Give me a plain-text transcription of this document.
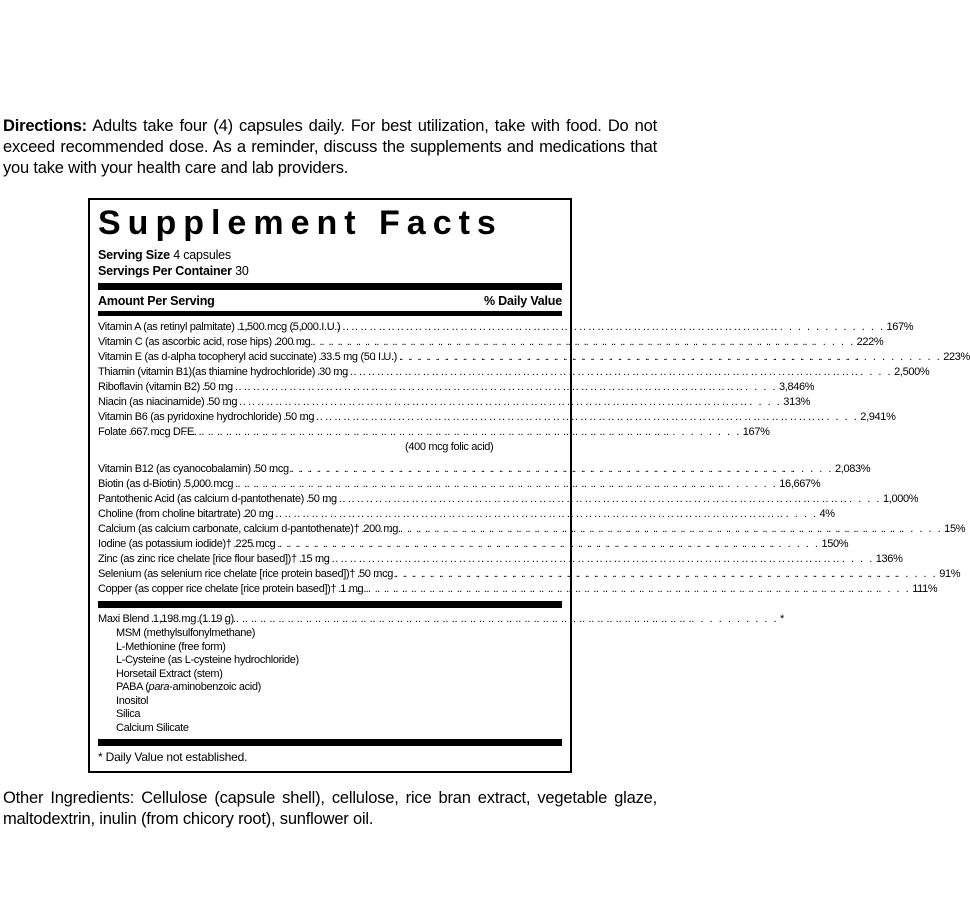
Directions: Adults take four (4) capsules daily. For best utilization, take with food. Do not exceed recommended dose. As a reminder, discuss the supplements and medications that you take with your health care and lab providers.

Supplement Facts
Serving Size 4 capsules
Servings Per Container 30
Amount Per Serving	% Daily Value
Vitamin A (as retinyl palmitate) . . . 1,500 mcg (5,000 I.U.) . . .	167%
Vitamin C (as ascorbic acid, rose hips) . . . 200 mg . . .	222%
Vitamin E (as d-alpha tocopheryl acid succinate) . . . 33.5 mg (50 I.U.) . . .	223%
Thiamin (vitamin B1)(as thiamine hydrochloride) . . . 30 mg . . .	2,500%
Riboflavin (vitamin B2) . . . 50 mg . . .	3,846%
Niacin (as niacinamide) . . . 50 mg . . .	313%
Vitamin B6 (as pyridoxine hydrochloride) . . . 50 mg . . .	2,941%
Folate . . . 667 mcg DFE. . . .	167%
(400 mcg folic acid)
Vitamin B12 (as cyanocobalamin) . . . 50 mcg . . .	2,083%
Biotin (as d-Biotin) . . . 5,000 mcg . . .	16,667%
Pantothenic Acid (as calcium d-pantothenate) . . . 50 mg . . .	1,000%
Choline (from choline bitartrate) . . . 20 mg . . .	4%
Calcium (as calcium carbonate, calcium d-pantothenate)† . . . 200 mg . . .	15%
Iodine (as potassium iodide)† . . . 225 mcg . . .	150%
Zinc (as zinc rice chelate [rice flour based])† . . . 15 mg . . .	136%
Selenium (as selenium rice chelate [rice protein based])† . . . 50 mcg . . .	91%
Copper (as copper rice chelate [rice protein based])† . . . 1 mg. . . .	111%
Maxi Blend . . . 1,198 mg (1.19 g) . . .	*
MSM (methylsulfonylmethane)
L-Methionine (free form)
L-Cysteine (as L-cysteine hydrochloride)
Horsetail Extract (stem)
PABA (para-aminobenzoic acid)
Inositol
Silica
Calcium Silicate
* Daily Value not established.

Other Ingredients: Cellulose (capsule shell), cellulose, rice bran extract, vegetable glaze, maltodextrin, inulin (from chicory root), sunflower oil.
